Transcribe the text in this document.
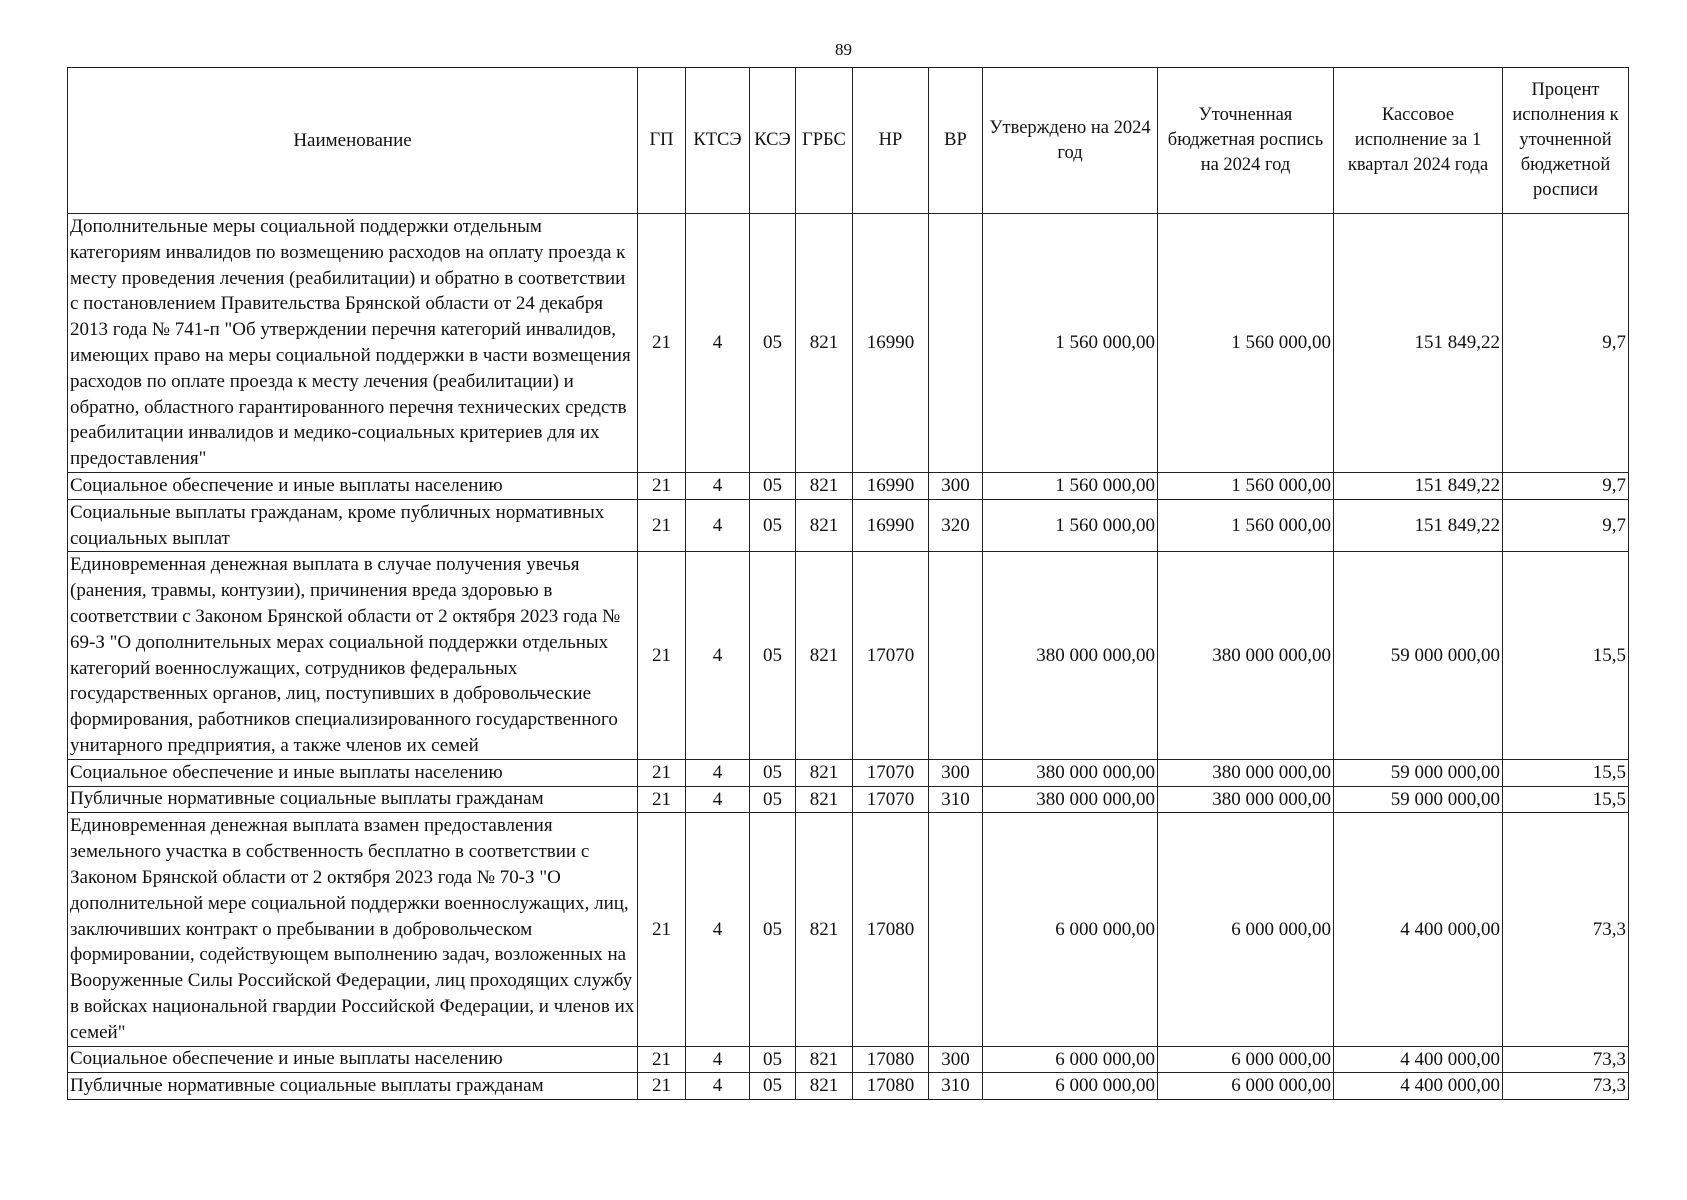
89
Наименование	ГП	КТСЭ	КСЭ	ГРБС	НР	ВР	Утверждено на 2024 год	Уточненная бюджетная роспись на 2024 год	Кассовое исполнение за 1 квартал 2024 года	Процент исполнения к уточненной бюджетной росписи
Дополнительные меры социальной поддержки отдельным категориям инвалидов по возмещению расходов на оплату проезда к месту проведения лечения (реабилитации) и обратно в соответствии с постановлением Правительства Брянской области от 24 декабря 2013 года № 741-п "Об утверждении перечня категорий инвалидов, имеющих право на меры социальной поддержки в части возмещения расходов по оплате проезда к месту лечения (реабилитации) и обратно, областного гарантированного перечня технических средств реабилитации инвалидов и медико-социальных критериев для их предоставления"	21	4	05	821	16990		1 560 000,00	1 560 000,00	151 849,22	9,7
Социальное обеспечение и иные выплаты населению	21	4	05	821	16990	300	1 560 000,00	1 560 000,00	151 849,22	9,7
Социальные выплаты гражданам, кроме публичных нормативных социальных выплат	21	4	05	821	16990	320	1 560 000,00	1 560 000,00	151 849,22	9,7
Единовременная денежная выплата в случае получения увечья (ранения, травмы, контузии), причинения вреда здоровью в соответствии с Законом Брянской области от 2 октября 2023 года № 69-З "О дополнительных мерах социальной поддержки отдельных категорий военнослужащих, сотрудников федеральных государственных органов, лиц, поступивших в добровольческие формирования, работников специализированного государственного унитарного предприятия, а также членов их семей	21	4	05	821	17070		380 000 000,00	380 000 000,00	59 000 000,00	15,5
Социальное обеспечение и иные выплаты населению	21	4	05	821	17070	300	380 000 000,00	380 000 000,00	59 000 000,00	15,5
Публичные нормативные социальные выплаты гражданам	21	4	05	821	17070	310	380 000 000,00	380 000 000,00	59 000 000,00	15,5
Единовременная денежная выплата взамен предоставления земельного участка в собственность бесплатно в соответствии с Законом Брянской области от 2 октября 2023 года № 70-З "О дополнительной мере социальной поддержки военнослужащих, лиц, заключивших контракт о пребывании в добровольческом формировании, содействующем выполнению задач, возложенных на Вооруженные Силы Российской Федерации, лиц проходящих службу в войсках национальной гвардии Российской Федерации, и членов их семей"	21	4	05	821	17080		6 000 000,00	6 000 000,00	4 400 000,00	73,3
Социальное обеспечение и иные выплаты населению	21	4	05	821	17080	300	6 000 000,00	6 000 000,00	4 400 000,00	73,3
Публичные нормативные социальные выплаты гражданам	21	4	05	821	17080	310	6 000 000,00	6 000 000,00	4 400 000,00	73,3
